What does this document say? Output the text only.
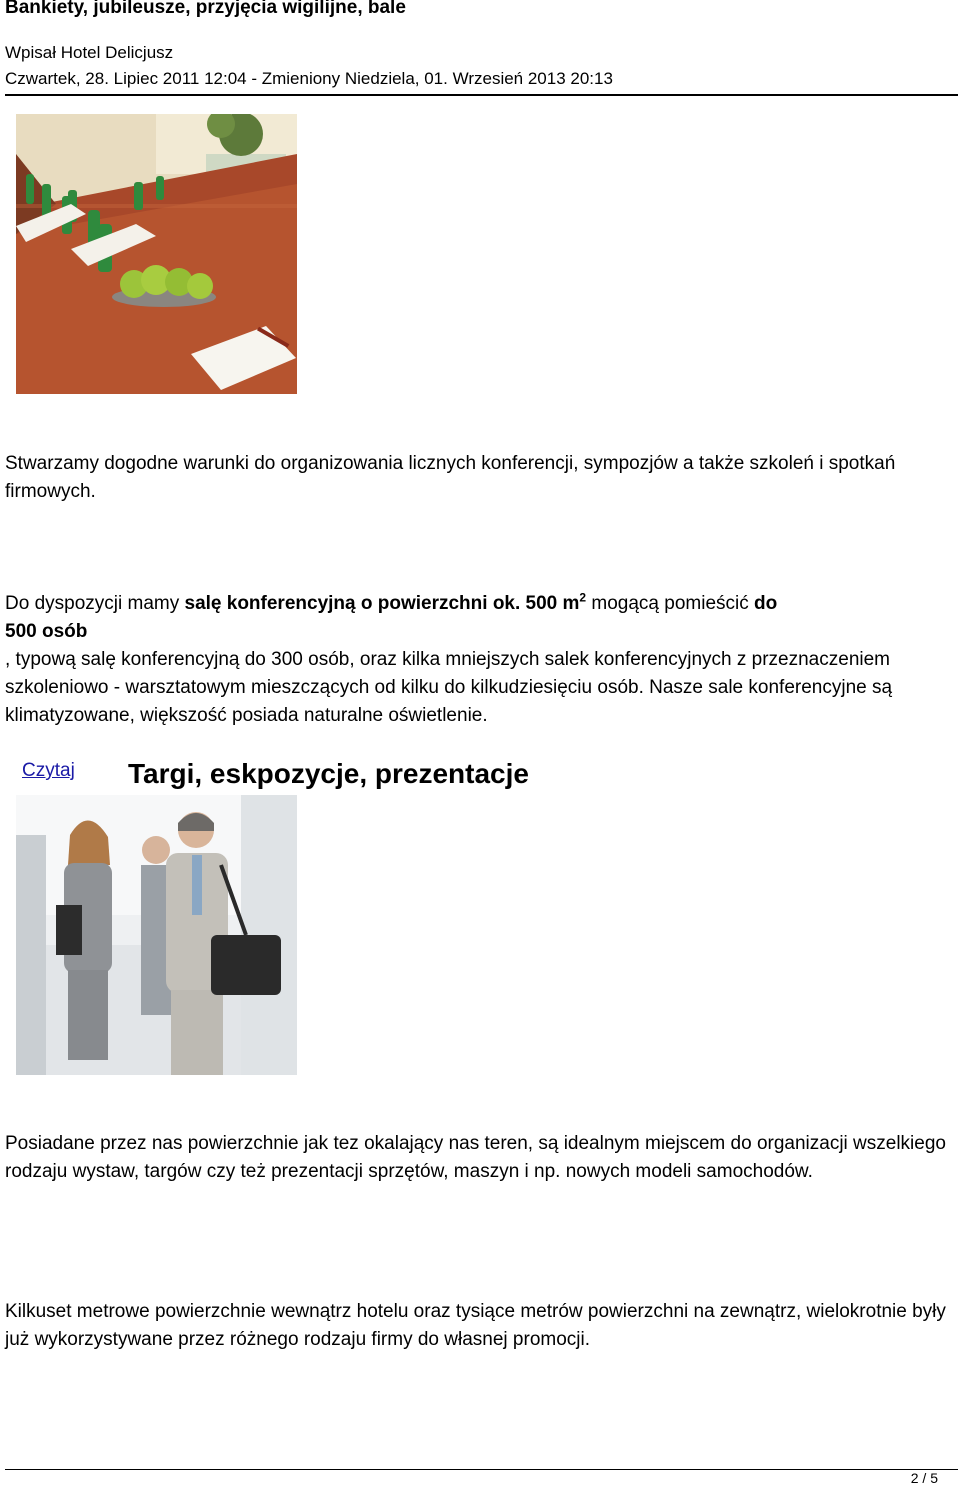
Bankiety, jubileusze, przyjęcia wigilijne, bale
Wpisał Hotel Delicjusz
Czwartek, 28. Lipiec 2011 12:04 - Zmieniony Niedziela, 01. Wrzesień 2013 20:13
Stwarzamy dogodne warunki do organizowania licznych konferencji, sympozjów a także szkoleń i spotkań firmowych.
Do dyspozycji mamy salę konferencyjną o powierzchni ok. 500 $m^2$ mogącą pomieścić do
500 osób
, typową salę konferencyjną do 300 osób, oraz kilka mniejszych salek konferencyjnych z przeznaczeniem szkoleniowo - warsztatowym mieszczących od kilku do kilkudziesięciu osób. Nasze sale konferencyjne są klimatyzowane, większość posiada naturalne oświetlenie.
Czytaj Targi, eskpozycje, prezentacje
Posiadane przez nas powierzchnie jak tez okalający nas teren, są idealnym miejscem do organizacji wszelkiego rodzaju wystaw, targów czy też prezentacji sprzętów, maszyn i np. nowych modeli samochodów.
Kilkuset metrowe powierzchnie wewnątrz hotelu oraz tysiące metrów powierzchni na zewnątrz, wielokrotnie były już wykorzystywane przez różnego rodzaju firmy do własnej promocji.
2 / 5
